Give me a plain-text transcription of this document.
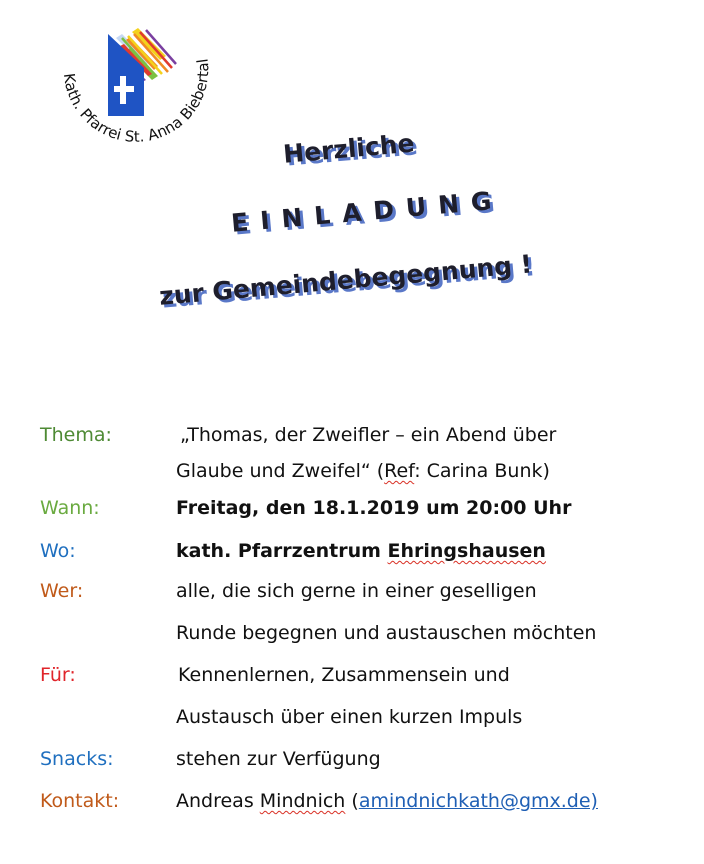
Kath. Pfarrei St. Anna Biebertal
Herzliche
EINLADUNG
zur Gemeindebegegnung !
Thema:	„Thomas, der Zweifler – ein Abend über
Glaube und Zweifel“ (Ref: Carina Bunk)
Wann:	Freitag, den 18.1.2019 um 20:00 Uhr
Wo:	kath. Pfarrzentrum Ehringshausen
Wer:	alle, die sich gerne in einer geselligen
Runde begegnen und austauschen möchten
Für:	Kennenlernen, Zusammensein und
Austausch über einen kurzen Impuls
Snacks:	stehen zur Verfügung
Kontakt:	Andreas Mindnich (amindnichkath@gmx.de)
